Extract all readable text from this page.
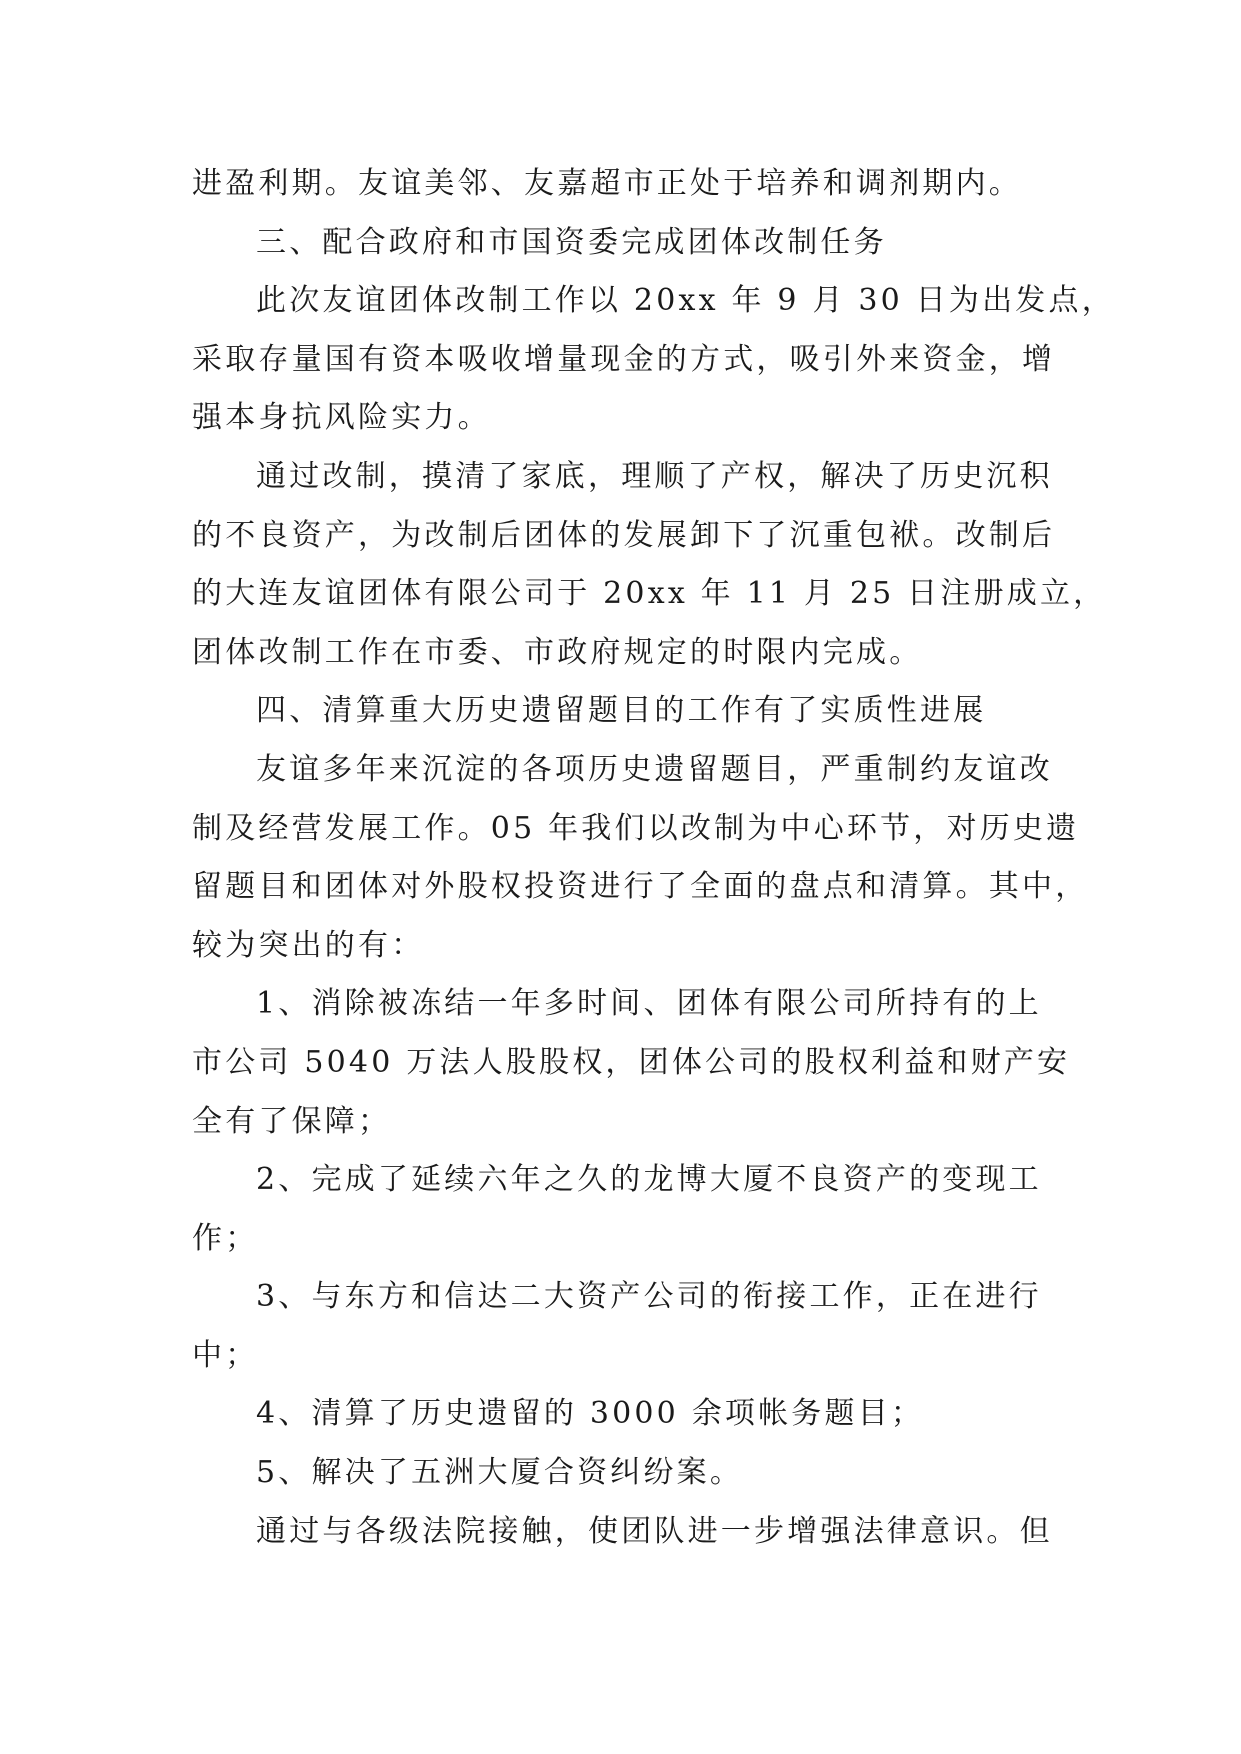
进盈利期。友谊美邻、友嘉超市正处于培养和调剂期内。
三、配合政府和市国资委完成团体改制任务
此次友谊团体改制工作以 20xx 年 9 月 30 日为出发点，
采取存量国有资本吸收增量现金的方式，吸引外来资金，增
强本身抗风险实力。
通过改制，摸清了家底，理顺了产权，解决了历史沉积
的不良资产，为改制后团体的发展卸下了沉重包袱。改制后
的大连友谊团体有限公司于 20xx 年 11 月 25 日注册成立，
团体改制工作在市委、市政府规定的时限内完成。
四、清算重大历史遗留题目的工作有了实质性进展
友谊多年来沉淀的各项历史遗留题目，严重制约友谊改
制及经营发展工作。05 年我们以改制为中心环节，对历史遗
留题目和团体对外股权投资进行了全面的盘点和清算。其中，
较为突出的有：
1、消除被冻结一年多时间、团体有限公司所持有的上
市公司 5040 万法人股股权，团体公司的股权利益和财产安
全有了保障；
2、完成了延续六年之久的龙博大厦不良资产的变现工
作；
3、与东方和信达二大资产公司的衔接工作，正在进行
中；
4、清算了历史遗留的 3000 余项帐务题目；
5、解决了五洲大厦合资纠纷案。
通过与各级法院接触，使团队进一步增强法律意识。但
